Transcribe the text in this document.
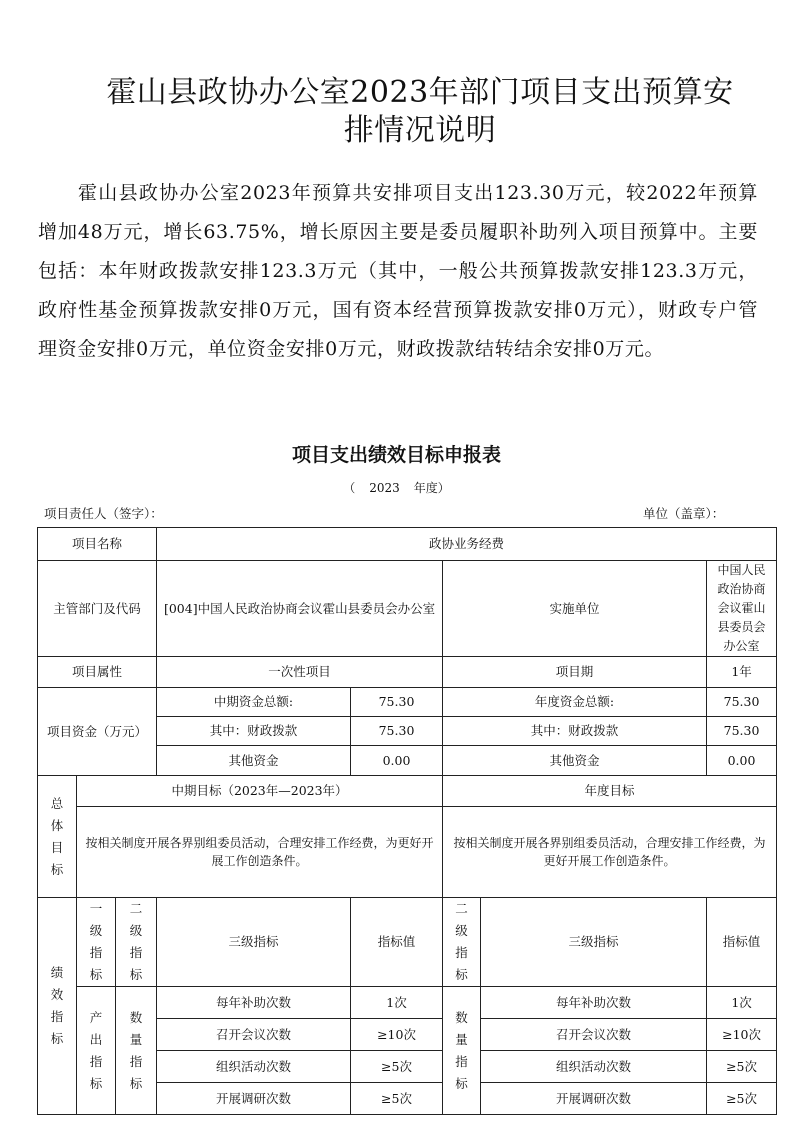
霍山县政协办公室2023年部门项目支出预算安
排情况说明

霍山县政协办公室2023年预算共安排项目支出123.30万元，较2022年预算增加48万元，增长63.75%，增长原因主要是委员履职补助列入项目预算中。主要包括：本年财政拨款安排123.3万元（其中，一般公共预算拨款安排123.3万元，政府性基金预算拨款安排0万元，国有资本经营预算拨款安排0万元），财政专户管理资金安排0万元，单位资金安排0万元，财政拨款结转结余安排0万元。

项目支出绩效目标申报表
（ 2023 年度）
项目责任人（签字）：	单位（盖章）：
项目名称			政协业务经费				
主管部门及代码			[004]中国人民政治协商会议霍山县委员会办公室		实施单位		中国人民政治协商会议霍山县委员会办公室
项目属性			一次性项目		项目期		1年
项目资金（万元）			中期资金总额:	75.30	年度资金总额:		75.30
			其中：财政拨款	75.30	其中：财政拨款		75.30
			其他资金	0.00	其他资金		0.00
总体目标	中期目标（2023年—2023年）				年度目标		
	按相关制度开展各界别组委员活动，合理安排工作经费，为更好开展工作创造条件。				按相关制度开展各界别组委员活动，合理安排工作经费，为更好开展工作创造条件。		
绩效指标	一级指标	二级指标	三级指标	指标值	二级指标	三级指标	指标值
	产出指标	数量指标	每年补助次数	1次	数量指标	每年补助次数	1次
			召开会议次数	≥10次		召开会议次数	≥10次
			组织活动次数	≥5次		组织活动次数	≥5次
			开展调研次数	≥5次		开展调研次数	≥5次
